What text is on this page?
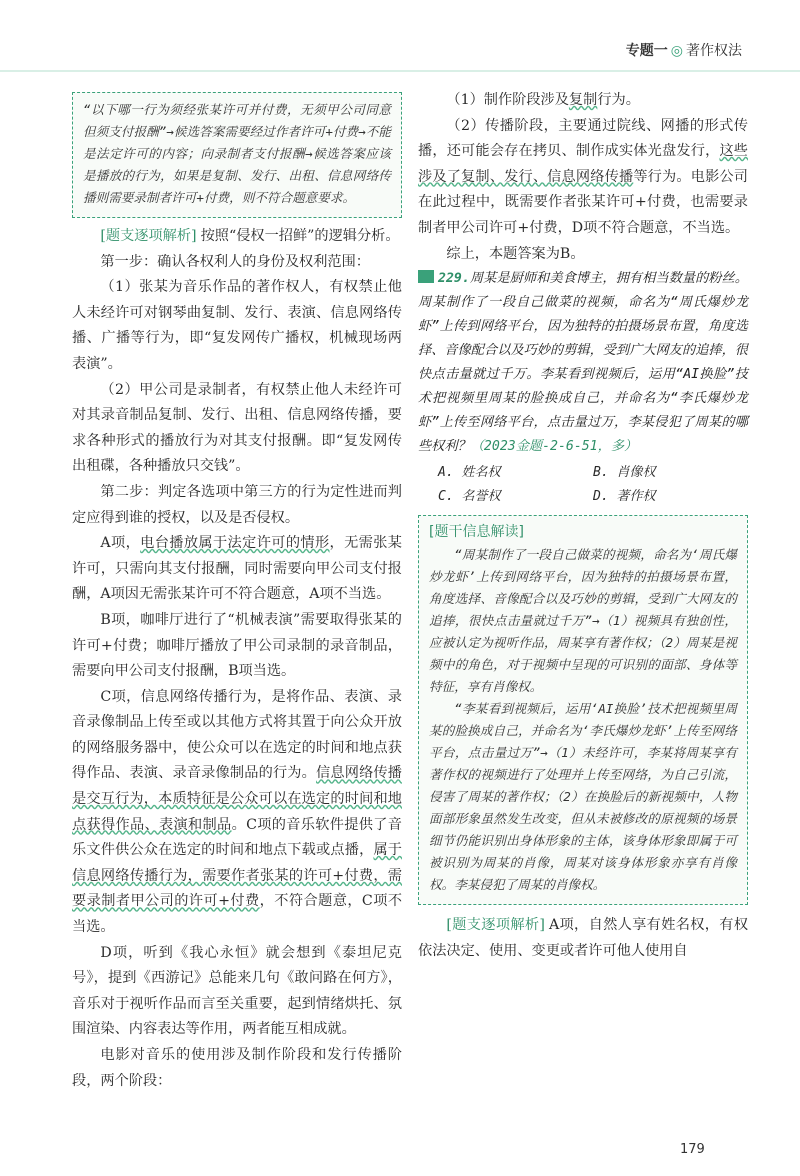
专题一 ◎ 著作权法

“以下哪一行为须经张某许可并付费，无须甲公司同意但须支付报酬”→候选答案需要经过作者许可+付费→不能是法定许可的内容；向录制者支付报酬→候选答案应该是播放的行为，如果是复制、发行、出租、信息网络传播则需要录制者许可+付费，则不符合题意要求。

[题支逐项解析] 按照“侵权一招鲜”的逻辑分析。

第一步：确认各权利人的身份及权利范围：

（1）张某为音乐作品的著作权人，有权禁止他人未经许可对钢琴曲复制、发行、表演、信息网络传播、广播等行为，即“复发网传广播权，机械现场两表演”。

（2）甲公司是录制者，有权禁止他人未经许可对其录音制品复制、发行、出租、信息网络传播，要求各种形式的播放行为对其支付报酬。即“复发网传出租碟，各种播放只交钱”。

第二步：判定各选项中第三方的行为定性进而判定应得到谁的授权，以及是否侵权。

A项，电台播放属于法定许可的情形，无需张某许可，只需向其支付报酬，同时需要向甲公司支付报酬，A项因无需张某许可不符合题意，A项不当选。

B项，咖啡厅进行了“机械表演”需要取得张某的许可+付费；咖啡厅播放了甲公司录制的录音制品，需要向甲公司支付报酬，B项当选。

C项，信息网络传播行为，是将作品、表演、录音录像制品上传至或以其他方式将其置于向公众开放的网络服务器中，使公众可以在选定的时间和地点获得作品、表演、录音录像制品的行为。信息网络传播是交互行为，本质特征是公众可以在选定的时间和地点获得作品、表演和制品。C项的音乐软件提供了音乐文件供公众在选定的时间和地点下载或点播，属于信息网络传播行为，需要作者张某的许可+付费，需要录制者甲公司的许可+付费，不符合题意，C项不当选。

D项，听到《我心永恒》就会想到《泰坦尼克号》，提到《西游记》总能来几句《敢问路在何方》，音乐对于视听作品而言至关重要，起到情绪烘托、氛围渲染、内容表达等作用，两者能互相成就。

电影对音乐的使用涉及制作阶段和发行传播阶段，两个阶段：

（1）制作阶段涉及复制行为。

（2）传播阶段，主要通过院线、网播的形式传播，还可能会存在拷贝、制作成实体光盘发行，这些涉及了复制、发行、信息网络传播等行为。电影公司在此过程中，既需要作者张某许可+付费，也需要录制者甲公司许可+付费，D项不符合题意，不当选。

综上，本题答案为B。

229.周某是厨师和美食博主，拥有相当数量的粉丝。周某制作了一段自己做菜的视频，命名为“周氏爆炒龙虾”上传到网络平台，因为独特的拍摄场景布置，角度选择、音像配合以及巧妙的剪辑，受到广大网友的追捧，很快点击量就过千万。李某看到视频后，运用“AI换脸”技术把视频里周某的脸换成自己，并命名为“李氏爆炒龙虾”上传至网络平台，点击量过万，李某侵犯了周某的哪些权利？（2023金题-2-6-51，多）

A. 姓名权	B. 肖像权
C. 名誉权	D. 著作权
[题干信息解读]

“周某制作了一段自己做菜的视频，命名为‘周氏爆炒龙虾’上传到网络平台，因为独特的拍摄场景布置，角度选择、音像配合以及巧妙的剪辑，受到广大网友的追捧，很快点击量就过千万”→（1）视频具有独创性，应被认定为视听作品，周某享有著作权；（2）周某是视频中的角色，对于视频中呈现的可识别的面部、身体等特征，享有肖像权。

“李某看到视频后，运用‘AI换脸’技术把视频里周某的脸换成自己，并命名为‘李氏爆炒龙虾’上传至网络平台，点击量过万”→（1）未经许可，李某将周某享有著作权的视频进行了处理并上传至网络，为自己引流，侵害了周某的著作权；（2）在换脸后的新视频中，人物面部形象虽然发生改变，但从未被修改的原视频的场景细节仍能识别出身体形象的主体，该身体形象即属于可被识别为周某的肖像，周某对该身体形象亦享有肖像权。李某侵犯了周某的肖像权。

[题支逐项解析] A项，自然人享有姓名权，有权依法决定、使用、变更或者许可他人使用自

179
